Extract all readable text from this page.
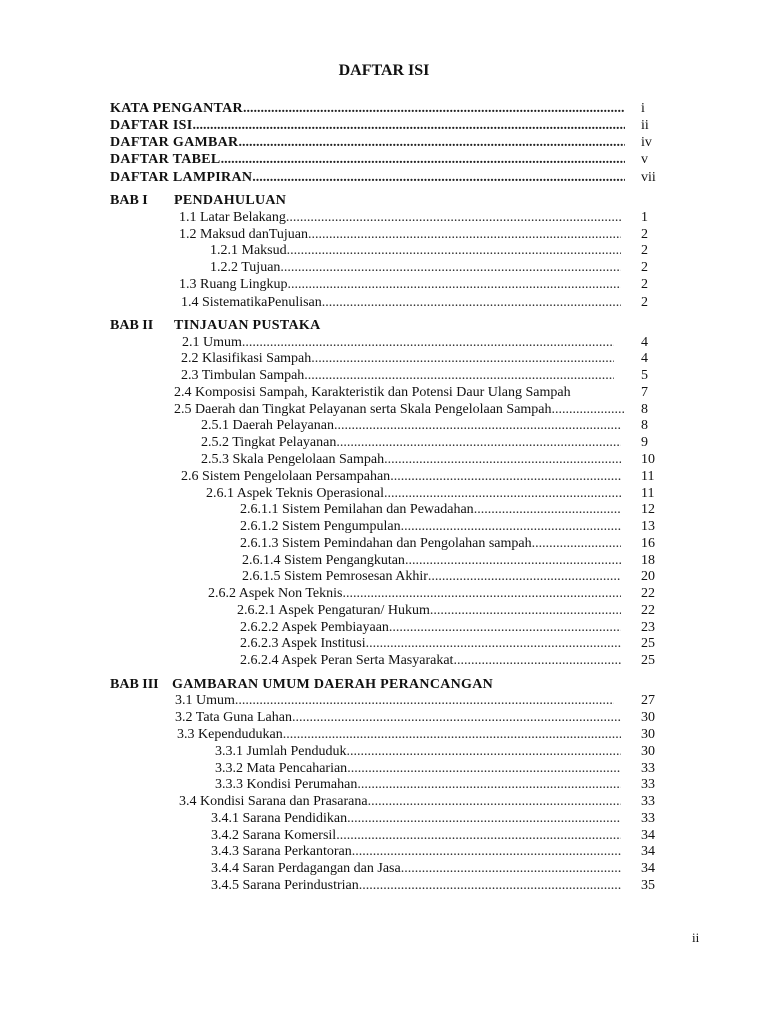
DAFTAR ISI
KATA PENGANTAR .....	i
DAFTAR ISI .....	ii
DAFTAR GAMBAR .....	iv
DAFTAR TABEL .....	v
DAFTAR LAMPIRAN .....	vii
BAB I PENDAHULUAN
1.1 Latar Belakang .....	1
1.2 Maksud danTujuan .....	2
1.2.1 Maksud .....	2
1.2.2 Tujuan .....	2
1.3 Ruang Lingkup .....	2
1.4 SistematikaPenulisan .....	2
BAB II TINJAUAN PUSTAKA
2.1 Umum .....	4
2.2 Klasifikasi Sampah .....	4
2.3 Timbulan Sampah .....	5
2.4 Komposisi Sampah, Karakteristik dan Potensi Daur Ulang Sampah	7
2.5 Daerah dan Tingkat Pelayanan serta Skala Pengelolaan Sampah .....	8
2.5.1 Daerah Pelayanan .....	8
2.5.2 Tingkat Pelayanan .....	9
2.5.3 Skala Pengelolaan Sampah .....	10
2.6 Sistem Pengelolaan Persampahan .....	11
2.6.1 Aspek Teknis Operasional .....	11
2.6.1.1 Sistem Pemilahan dan Pewadahan .....	12
2.6.1.2 Sistem Pengumpulan .....	13
2.6.1.3 Sistem Pemindahan dan Pengolahan sampah .....	16
2.6.1.4 Sistem Pengangkutan .....	18
2.6.1.5 Sistem Pemrosesan Akhir .....	20
2.6.2 Aspek Non Teknis .....	22
2.6.2.1 Aspek Pengaturan/ Hukum .....	22
2.6.2.2 Aspek Pembiayaan .....	23
2.6.2.3 Aspek Institusi .....	25
2.6.2.4 Aspek Peran Serta Masyarakat .....	25
BAB III GAMBARAN UMUM DAERAH PERANCANGAN
3.1 Umum .....	27
3.2 Tata Guna Lahan .....	30
3.3 Kependudukan .....	30
3.3.1 Jumlah Penduduk .....	30
3.3.2 Mata Pencaharian .....	33
3.3.3 Kondisi Perumahan .....	33
3.4 Kondisi Sarana dan Prasarana .....	33
3.4.1 Sarana Pendidikan .....	33
3.4.2 Sarana Komersil .....	34
3.4.3 Sarana Perkantoran .....	34
3.4.4 Saran Perdagangan dan Jasa .....	34
3.4.5 Sarana Perindustrian .....	35
ii
